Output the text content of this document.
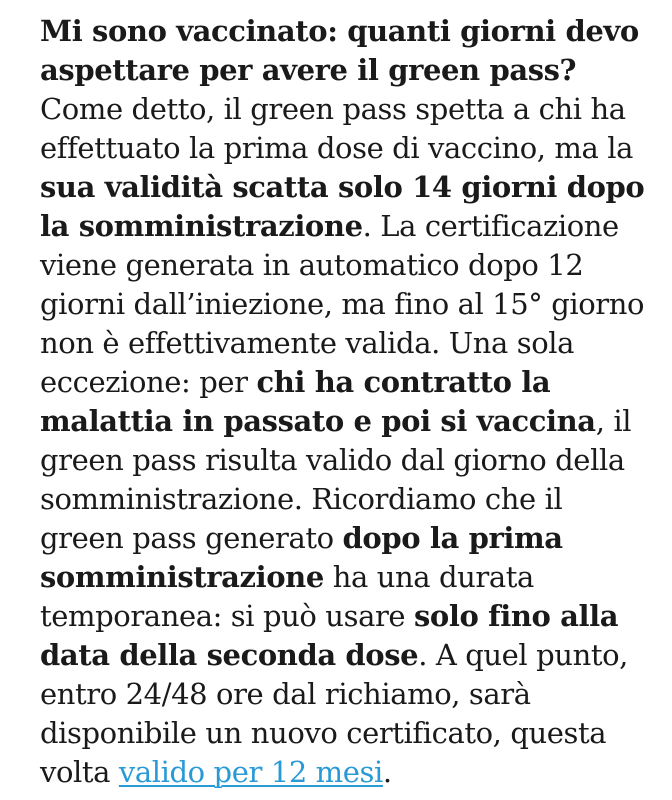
Mi sono vaccinato: quanti giorni devo
aspettare per avere il green pass?

Come detto, il green pass spetta a chi ha
effettuato la prima dose di vaccino, ma la
sua validità scatta solo 14 giorni dopo
la somministrazione. La certificazione
viene generata in automatico dopo 12
giorni dall’iniezione, ma fino al 15° giorno
non è effettivamente valida. Una sola
eccezione: per chi ha contratto la
malattia in passato e poi si vaccina, il
green pass risulta valido dal giorno della
somministrazione. Ricordiamo che il
green pass generato dopo la prima
somministrazione ha una durata
temporanea: si può usare solo fino alla
data della seconda dose. A quel punto,
entro 24/48 ore dal richiamo, sarà
disponibile un nuovo certificato, questa
volta valido per 12 mesi.
